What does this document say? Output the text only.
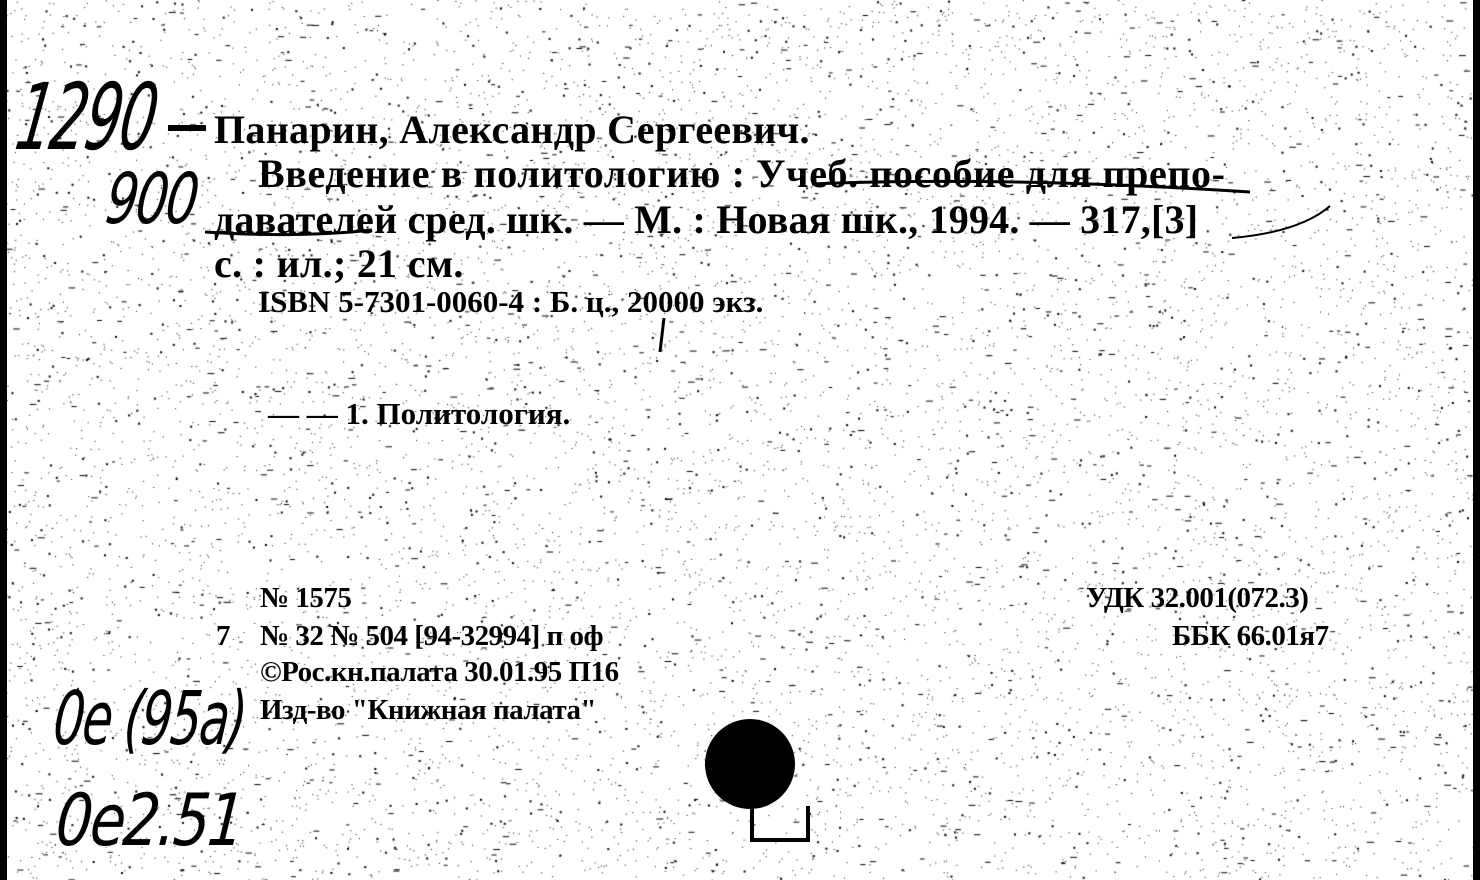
1290
900
0e (95a)
0e2.51
Панарин, Александр Сергеевич.
Введение в политологию : Учеб. пособие для препо-
давателей сред. шк. — М. : Новая шк., 1994. — 317,[3]
с. : ил.; 21 см.
ISBN 5-7301-0060-4 : Б. ц., 20000 экз.
— — 1. Политология.
№ 1575
7 № 32 № 504 [94-32994] п оф
©Рос.кн.палата 30.01.95 П16
Изд-во "Книжная палата"
УДК 32.001(072.3)
ББК 66.01я7
